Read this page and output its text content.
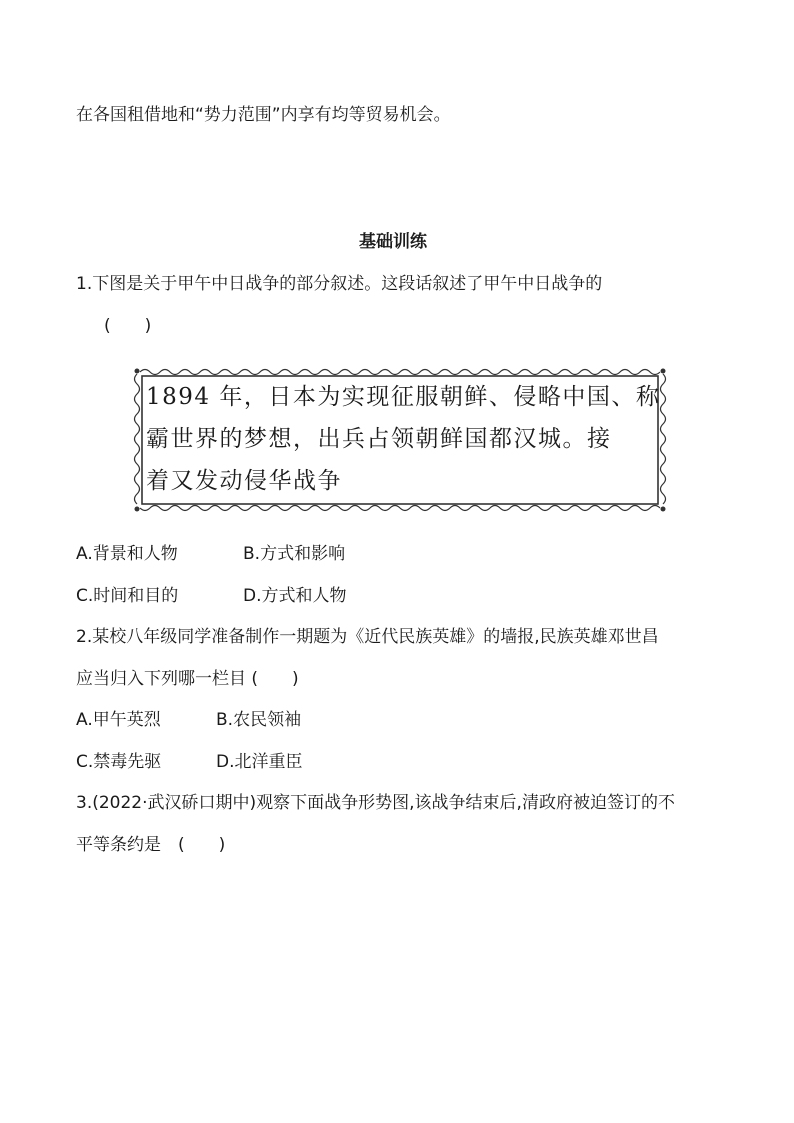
在各国租借地和“势力范围”内享有均等贸易机会。
基础训练
1.下图是关于甲午中日战争的部分叙述。这段话叙述了甲午中日战争的
(　　)
1894 年，日本为实现征服朝鲜、侵略中国、称
霸世界的梦想，出兵占领朝鲜国都汉城。接
着又发动侵华战争
A.背景和人物	B.方式和影响
C.时间和目的	D.方式和人物
2.某校八年级同学准备制作一期题为《近代民族英雄》的墙报,民族英雄邓世昌
应当归入下列哪一栏目 (　　)
A.甲午英烈	B.农民领袖
C.禁毒先驱	D.北洋重臣
3.(2022·武汉硚口期中)观察下面战争形势图,该战争结束后,清政府被迫签订的不
平等条约是　(　　)
